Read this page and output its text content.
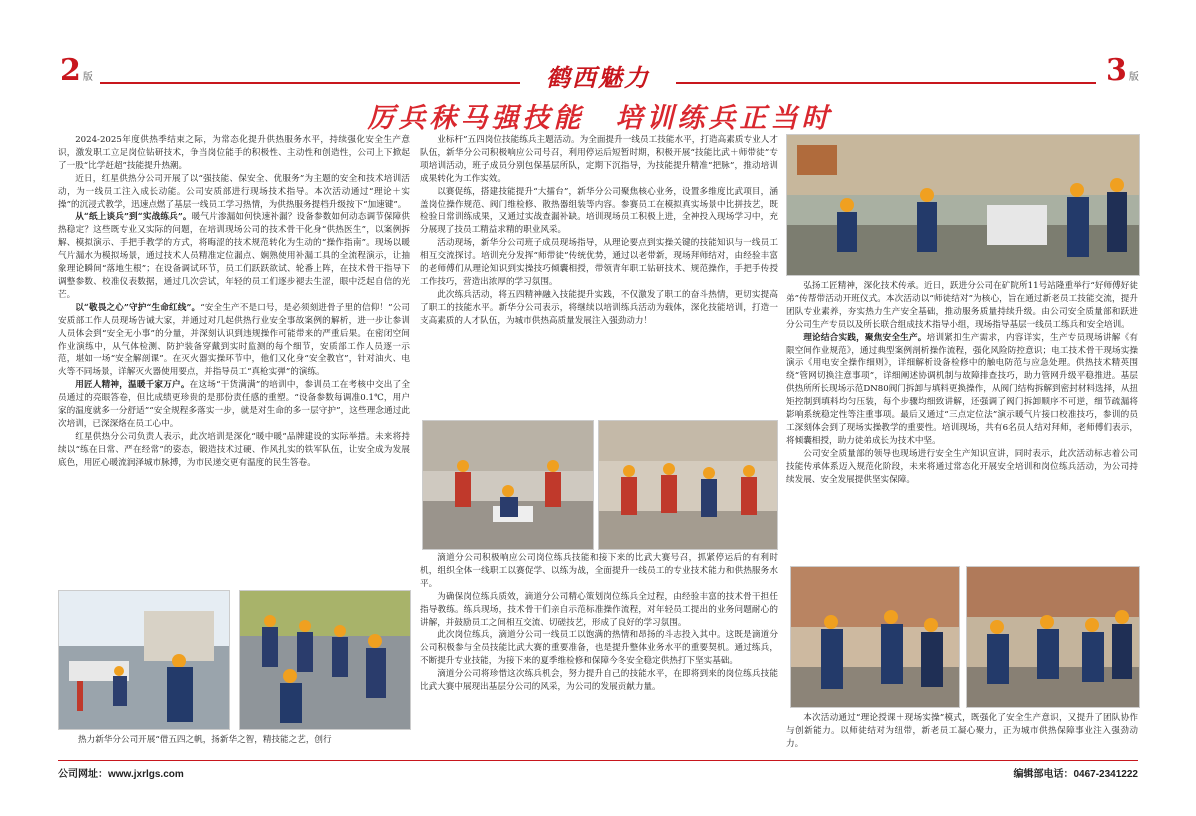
2 版	鹤西魅力	3 版
厉兵秣马强技能　培训练兵正当时

2024-2025年度供热季结束之际，为常态化提升供热服务水平，持续强化安全生产意识，激发职工立足岗位钻研技术，争当岗位能手的积极性、主动性和创造性，公司上下掀起了一股“比学赶超”技能提升热潮。

近日，红星供热分公司开展了以“强技能、保安全、优服务”为主题的安全和技术培训活动，为一线员工注入成长动能。公司安质部进行现场技术指导。本次活动通过“理论＋实操”的沉浸式教学，迅速点燃了基层一线员工学习热情，为供热服务提档升级按下“加速键”。

从“纸上谈兵”到“实战练兵”。暖气片渗漏如何快速补漏？设备参数如何动态调节保障供热稳定？这些既专业又实际的问题，在培训现场公司的技术骨干化身“供热医生”，以案例拆解、模拟演示、手把手教学的方式，将晦涩的技术规范转化为生动的“操作指南”。现场以暖气片漏水为模拟场景，通过技术人员精准定位漏点、娴熟使用补漏工具的全流程演示，让抽象理论瞬间“落地生根”；在设备调试环节，员工们跃跃欲试、轮番上阵，在技术骨干指导下调整参数、校准仪表数据，通过几次尝试，年轻的员工们逐步褪去生涩，眼中泛起自信的光芒。

以“敬畏之心”守护“生命红线”。“安全生产不是口号，是必须刻进骨子里的信仰！”公司安质部工作人员现场告诫大家，并通过对几起供热行业安全事故案例的解析，进一步让参训人员体会到“安全无小事”的分量，并深刻认识到违规操作可能带来的严重后果。在密闭空间作业演练中，从气体检测、防护装备穿戴到实时监测的每个细节，安质部工作人员逐一示范，堪如一场“安全解剖课”。在灭火器实操环节中，他们又化身“安全教官”，针对油火、电火等不同场景，详解灭火器使用要点，并指导员工“真枪实弹”的演练。

用匠人精神，温暖千家万户。在这场“干货满满”的培训中，参训员工在考核中交出了全员通过的亮眼答卷，但比成绩更珍贵的是那份责任感的重塑。“设备参数每调准0.1℃，用户家的温度就多一分舒适”“安全规程多落实一步，就是对生命的多一层守护”，这些理念通过此次培训，已深深烙在员工心中。

红星供热分公司负责人表示，此次培训是深化“暖中暖”品牌建设的实际举措。未来将持续以“练在日常、严在经常”的姿态，锻造技术过硬、作风扎实的铁军队伍，让安全成为发展底色，用匠心暖流润泽城市脉搏，为市民递交更有温度的民生答卷。

热力新华分公司开展“借五四之帆，扬新华之智，精技能之艺，创行

业标杆”五四岗位技能练兵主题活动。为全面提升一线员工技能水平，打造高素质专业人才队伍，新华分公司积极响应公司号召，利用停运后短暂时期，积极开展“技能比武＋师带徒”专项培训活动，班子成员分别包保基层所队，定期下沉指导，为技能提升精准“把脉”，推动培训成果转化为工作实效。

以赛促练，搭建技能提升“大擂台”，新华分公司聚焦核心业务，设置多维度比武项目，涵盖岗位操作规范、阀门维检修、散热器组装等内容。参赛员工在模拟真实场景中比拼技艺，既检验日常训练成果，又通过实战查漏补缺。培训现场员工积极上进，全神投入现场学习中，充分展现了技员工精益求精的职业风采。

活动现场，新华分公司班子成员现场指导，从理论要点到实操关键的技能知识与一线员工相互交流探讨。培训充分发挥“师带徒”传统优势，通过以老带新，现场拜师结对，由经验丰富的老师傅们从理论知识到实操技巧倾囊相授，带领青年职工钻研技术、规范操作，手把手传授工作技巧，营造出浓厚的学习氛围。

此次练兵活动，将五四精神融入技能提升实践，不仅激发了职工的奋斗热情，更切实提高了职工的技能水平。新华分公司表示，将继续以培训练兵活动为载体，深化技能培训，打造一支高素质的人才队伍，为城市供热高质量发展注入强劲动力！

滴道分公司积极响应公司岗位练兵技能和接下来的比武大赛号召，抓紧停运后的有利时机，组织全体一线职工以赛促学、以练为战，全面提升一线员工的专业技术能力和供热服务水平。

为确保岗位练兵质效，滴道分公司精心策划岗位练兵全过程，由经验丰富的技术骨干担任指导教练。练兵现场，技术骨干们亲自示范标准操作流程，对年轻员工提出的业务问题耐心的讲解，并鼓励员工之间相互交流、切磋技艺，形成了良好的学习氛围。

此次岗位练兵，滴道分公司一线员工以饱满的热情和昂扬的斗志投入其中。这既是滴道分公司积极参与全员技能比武大赛的重要准备，也是提升整体业务水平的重要契机。通过练兵，不断提升专业技能，为接下来的夏季维检修和保障今冬安全稳定供热打下坚实基础。

滴道分公司将珍惜这次练兵机会，努力提升自己的技能水平，在即将到来的岗位练兵技能比武大赛中展现出基层分公司的风采，为公司的发展贡献力量。

弘扬工匠精神，深化技术传承。近日，跃进分公司在矿院所11号站隆重举行“好师傅好徒弟”传帮带活动开班仪式。本次活动以“师徒结对”为核心，旨在通过新老员工技能交流，提升团队专业素养，夯实热力生产安全基础，推动服务质量持续升级。由公司安全质量部和跃进分公司生产专员以及所长联合组成技术指导小组，现场指导基层一线员工练兵和安全培训。

理论结合实践，聚焦安全生产。培训紧扣生产需求，内容详实，生产专员现场讲解《有限空间作业规范》，通过典型案例剖析操作流程，强化风险防控意识；电工技术骨干现场实操演示《用电安全操作细则》，详细解析设备检修中的触电防范与应急处理。供热技术精英围绕“管网切换注意事项”，详细阐述协调机制与故障排查技巧，助力管网升级平稳推进。基层供热所所长现场示范DN80阀门拆卸与填料更换操作，从阀门结构拆解到密封材料选择，从扭矩控制到填料均匀压装，每个步骤均细致讲解，还强调了阀门拆卸顺序不可逆，细节疏漏将影响系统稳定性等注重事项。最后又通过“三点定位法”演示暖气片接口校准技巧，参训的员工深刻体会到了现场实操教学的重要性。培训现场，共有6名员人结对拜师，老师傅们表示，将倾囊相授，助力徒弟成长为技术中坚。

公司安全质量部的领导也现场进行安全生产知识宣讲，同时表示，此次活动标志着公司技能传承体系迈入规范化阶段，未来将通过常态化开展安全培训和岗位练兵活动，为公司持续发展、安全发展提供坚实保障。

本次活动通过“理论授课＋现场实操”模式，既强化了安全生产意识，又提升了团队协作与创新能力。以师徒结对为纽带，新老员工凝心聚力，正为城市供热保障事业注入强劲动力。

公司网址：www.jxrlgs.com	编辑部电话：0467-2341222
